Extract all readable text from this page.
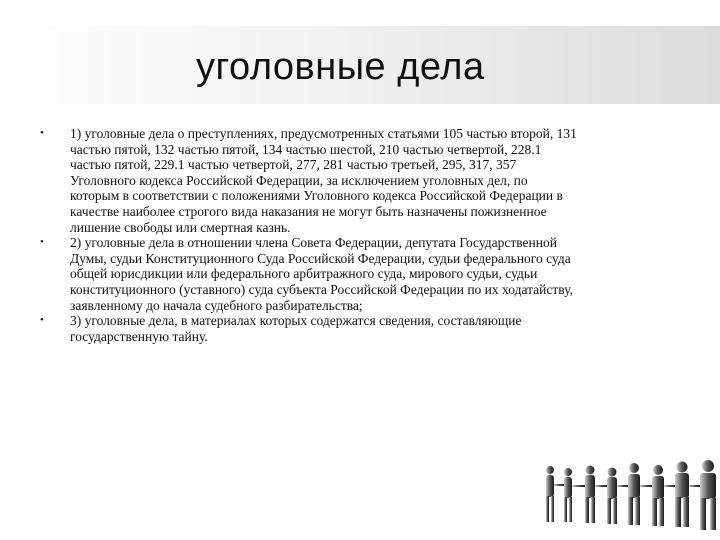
уголовные дела
•	1) уголовные дела о преступлениях, предусмотренных статьями 105 частью второй, 131
частью пятой, 132 частью пятой, 134 частью шестой, 210 частью четвертой, 228.1
частью пятой, 229.1 частью четвертой, 277, 281 частью третьей, 295, 317, 357
Уголовного кодекса Российской Федерации, за исключением уголовных дел, по
которым в соответствии с положениями Уголовного кодекса Российской Федерации в
качестве наиболее строгого вида наказания не могут быть назначены пожизненное
лишение свободы или смертная казнь.
•	2) уголовные дела в отношении члена Совета Федерации, депутата Государственной
Думы, судьи Конституционного Суда Российской Федерации, судьи федерального суда
общей юрисдикции или федерального арбитражного суда, мирового судьи, судьи
конституционного (уставного) суда субъекта Российской Федерации по их ходатайству,
заявленному до начала судебного разбирательства;
•	3) уголовные дела, в материалах которых содержатся сведения, составляющие
государственную тайну.
